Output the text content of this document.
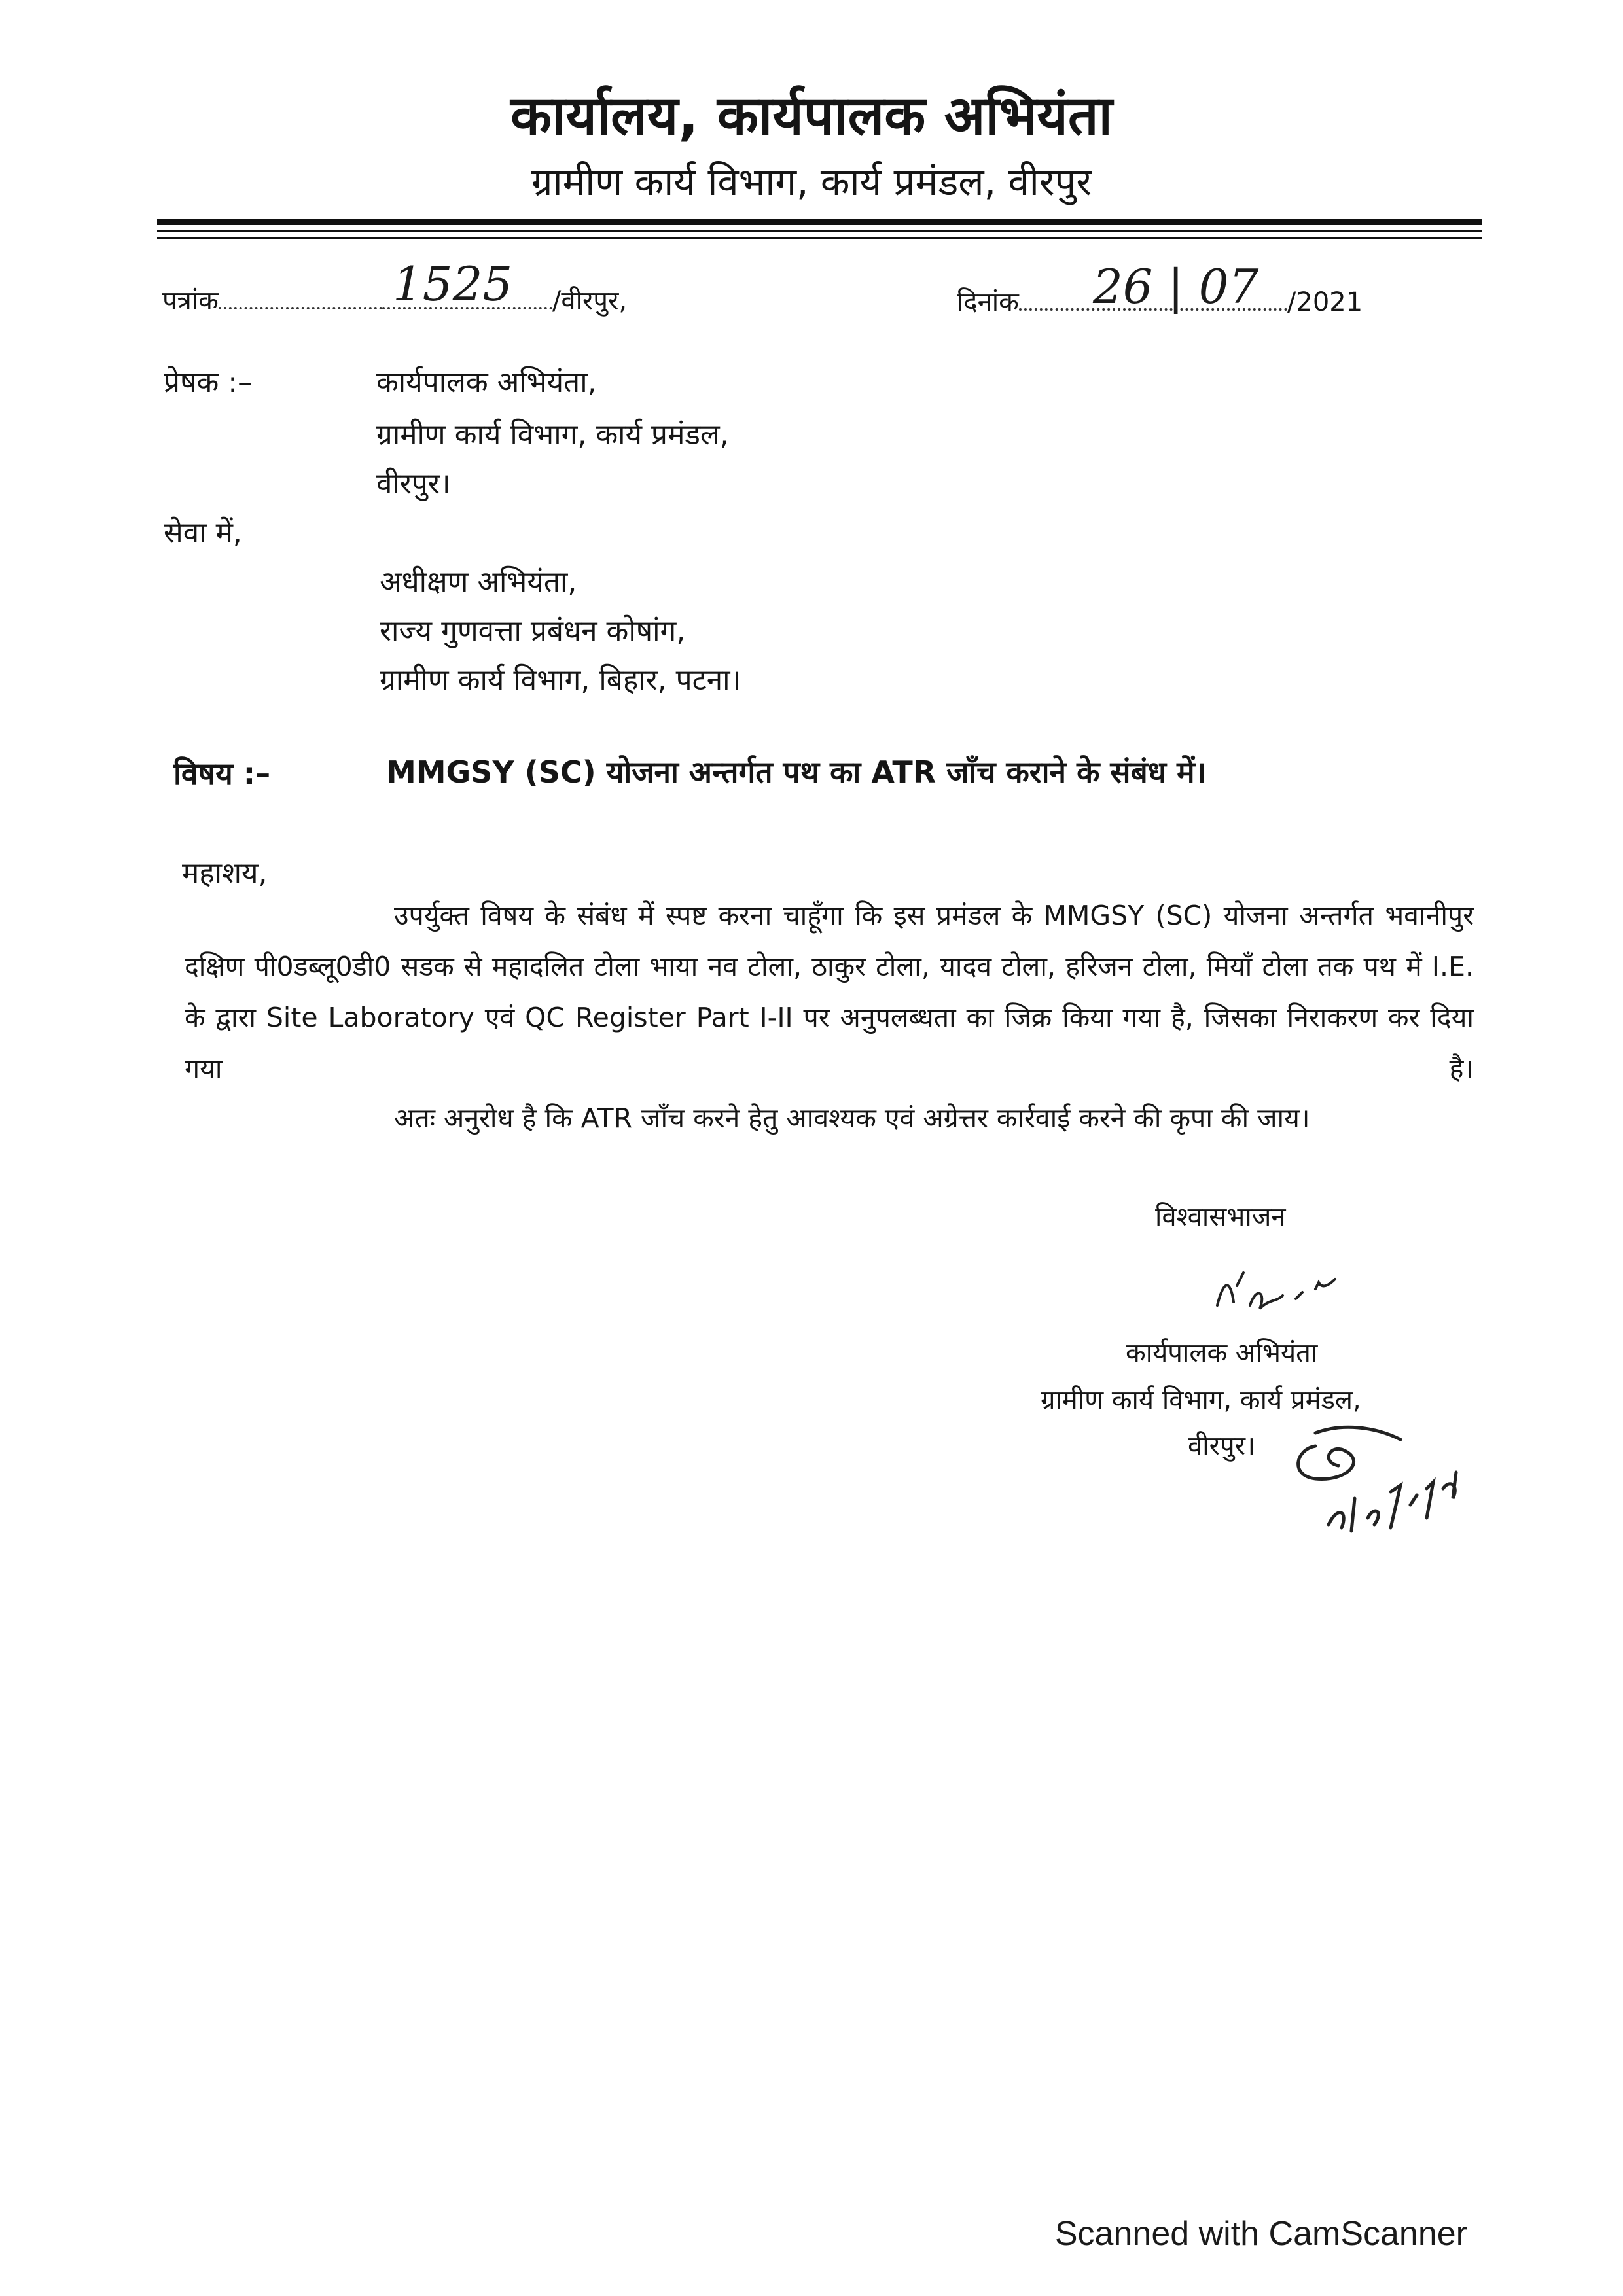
कार्यालय, कार्यपालक अभियंता
ग्रामीण कार्य विभाग, कार्य प्रमंडल, वीरपुर
पत्रांक	/वीरपुर,
1525	दिनांक	/2021
26 | 07
प्रेषक :–	कार्यपालक अभियंता,
ग्रामीण कार्य विभाग, कार्य प्रमंडल,
वीरपुर।
सेवा में,
अधीक्षण अभियंता,
राज्य गुणवत्ता प्रबंधन कोषांग,
ग्रामीण कार्य विभाग, बिहार, पटना।
विषय :–	MMGSY (SC) योजना अन्तर्गत पथ का ATR जाँच कराने के संबंध में।
महाशय,
उपर्युक्त विषय के संबंध में स्पष्ट करना चाहूँगा कि इस प्रमंडल के MMGSY (SC) योजना अन्तर्गत भवानीपुर दक्षिण पी0डब्लू0डी0 सडक से महादलित टोला भाया नव टोला, ठाकुर टोला, यादव टोला, हरिजन टोला, मियाँ टोला तक पथ में I.E. के द्वारा Site Laboratory एवं QC Register Part I-II पर अनुपलब्धता का जिक्र किया गया है, जिसका निराकरण कर दिया गया है।
अतः अनुरोध है कि ATR जाँच करने हेतु आवश्यक एवं अग्रेत्तर कार्रवाई करने की कृपा की जाय।
विश्वासभाजन
कार्यपालक अभियंता
ग्रामीण कार्य विभाग, कार्य प्रमंडल,
वीरपुर।
Scanned with CamScanner
